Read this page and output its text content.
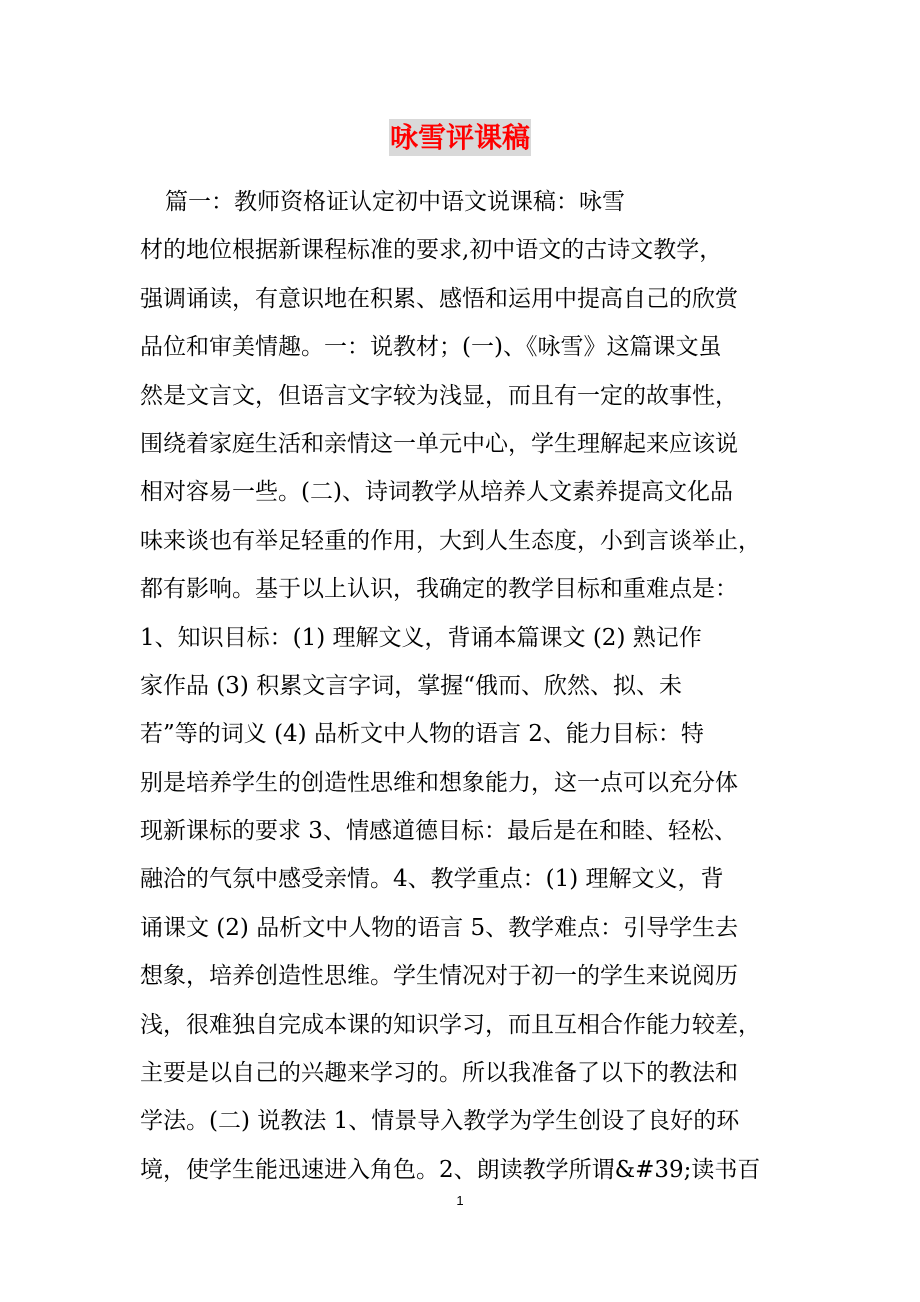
咏雪评课稿
篇一：教师资格证认定初中语文说课稿：咏雪
材的地位根据新课程标准的要求,初中语文的古诗文教学，
强调诵读，有意识地在积累、感悟和运用中提高自己的欣赏
品位和审美情趣。一：说教材；(一)、《咏雪》这篇课文虽
然是文言文，但语言文字较为浅显，而且有一定的故事性，
围绕着家庭生活和亲情这一单元中心，学生理解起来应该说
相对容易一些。(二)、诗词教学从培养人文素养提高文化品
味来谈也有举足轻重的作用，大到人生态度，小到言谈举止，
都有影响。基于以上认识，我确定的教学目标和重难点是：
1、知识目标：(1) 理解文义，背诵本篇课文 (2) 熟记作
家作品 (3) 积累文言字词，掌握“俄而、欣然、拟、未
若”等的词义 (4) 品析文中人物的语言 2、能力目标：特
别是培养学生的创造性思维和想象能力，这一点可以充分体
现新课标的要求 3、情感道德目标：最后是在和睦、轻松、
融洽的气氛中感受亲情。4、教学重点：(1) 理解文义，背
诵课文 (2) 品析文中人物的语言 5、教学难点：引导学生去
想象，培养创造性思维。学生情况对于初一的学生来说阅历
浅，很难独自完成本课的知识学习，而且互相合作能力较差，
主要是以自己的兴趣来学习的。所以我准备了以下的教法和
学法。(二) 说教法 1、情景导入教学为学生创设了良好的环
境，使学生能迅速进入角色。2、朗读教学所谓&#39;读书百
1
